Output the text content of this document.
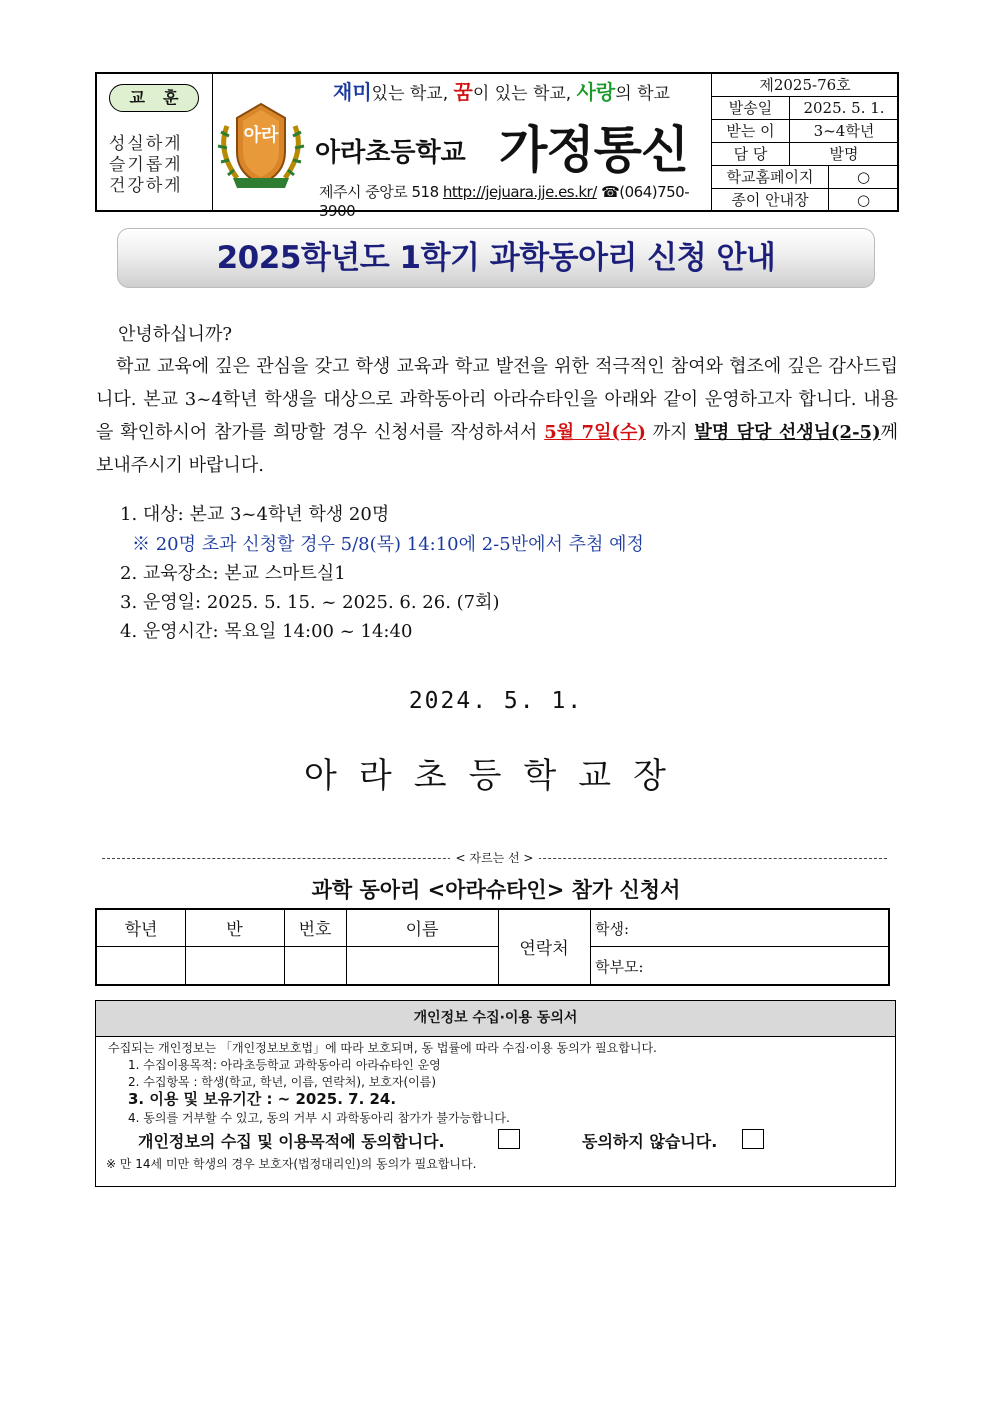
교훈
성실하게
슬기롭게
건강하게
재미있는 학교, 꿈이 있는 학교, 사랑의 학교
아라
아라초등학교 가정통신
제주시 중앙로 518 http://jejuara.jje.es.kr/ ☎(064)750-3900
제2025-76호
발송일	2025. 5. 1.
받는 이	3~4학년
담 당	발명
학교홈페이지	○
종이 안내장	○
2025학년도 1학기 과학동아리 신청 안내
안녕하십니까?
학교 교육에 깊은 관심을 갖고 학생 교육과 학교 발전을 위한 적극적인 참여와 협조에 깊은 감사드립니다. 본교 3~4학년 학생을 대상으로 과학동아리 아라슈타인을 아래와 같이 운영하고자 합니다. 내용을 확인하시어 참가를 희망할 경우 신청서를 작성하셔서 5월 7일(수) 까지 발명 담당 선생님(2-5)께 보내주시기 바랍니다.
1. 대상: 본교 3~4학년 학생 20명
※ 20명 초과 신청할 경우 5/8(목) 14:10에 2-5반에서 추첨 예정
2. 교육장소: 본교 스마트실1
3. 운영일: 2025. 5. 15. ~ 2025. 6. 26. (7회)
4. 운영시간: 목요일 14:00 ~ 14:40
2024. 5. 1.
아라초등학교장
< 자르는 선 >
과학 동아리 <아라슈타인> 참가 신청서
학년	반	번호	이름
연락처
학생:
학부모:
개인정보 수집·이용 동의서
수집되는 개인정보는 「개인정보보호법」에 따라 보호되며, 동 법률에 따라 수집·이용 동의가 필요합니다.
1. 수집이용목적: 아라초등학교 과학동아리 아라슈타인 운영
2. 수집항목 : 학생(학교, 학년, 이름, 연락처), 보호자(이름)
3. 이용 및 보유기간 : ~ 2025. 7. 24.
4. 동의를 거부할 수 있고, 동의 거부 시 과학동아리 참가가 불가능합니다.
개인정보의 수집 및 이용목적에 동의합니다.	동의하지 않습니다.
※ 만 14세 미만 학생의 경우 보호자(법정대리인)의 동의가 필요합니다.
